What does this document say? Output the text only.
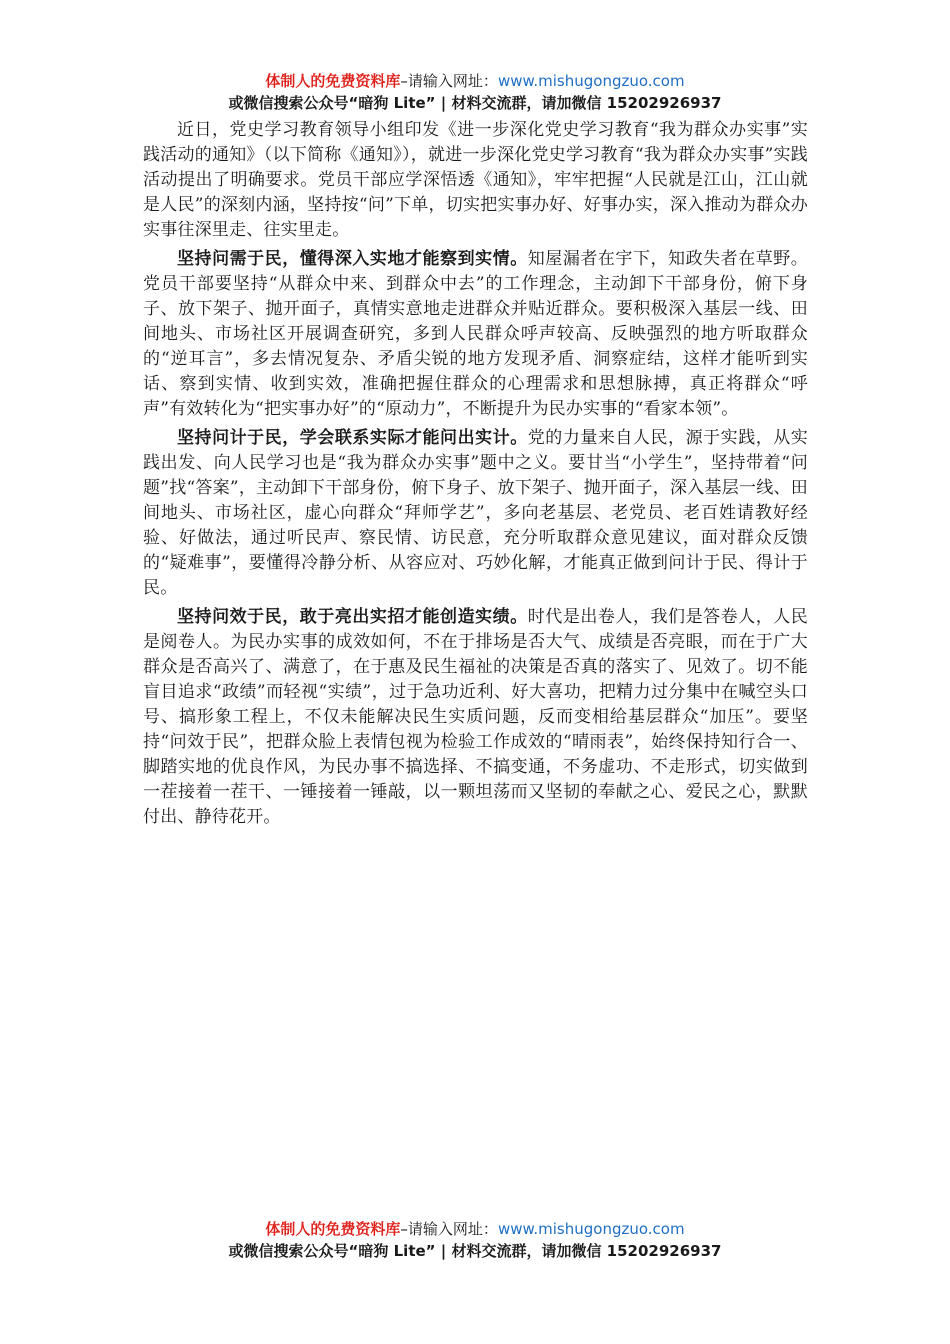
体制人的免费资料库–请输入网址：www.mishugongzuo.com
或微信搜索公众号“暗狗 Lite” | 材料交流群，请加微信 15202926937

近日，党史学习教育领导小组印发《进一步深化党史学习教育“我为群众办实事”实践活动的通知》（以下简称《通知》），就进一步深化党史学习教育“我为群众办实事”实践活动提出了明确要求。党员干部应学深悟透《通知》，牢牢把握“人民就是江山，江山就是人民”的深刻内涵，坚持按“问”下单，切实把实事办好、好事办实，深入推动为群众办实事往深里走、往实里走。

坚持问需于民，懂得深入实地才能察到实情。知屋漏者在宇下，知政失者在草野。党员干部要坚持“从群众中来、到群众中去”的工作理念，主动卸下干部身份，俯下身子、放下架子、抛开面子，真情实意地走进群众并贴近群众。要积极深入基层一线、田间地头、市场社区开展调查研究，多到人民群众呼声较高、反映强烈的地方听取群众的“逆耳言”，多去情况复杂、矛盾尖锐的地方发现矛盾、洞察症结，这样才能听到实话、察到实情、收到实效，准确把握住群众的心理需求和思想脉搏，真正将群众“呼声”有效转化为“把实事办好”的“原动力”，不断提升为民办实事的“看家本领”。

坚持问计于民，学会联系实际才能问出实计。党的力量来自人民，源于实践，从实践出发、向人民学习也是“我为群众办实事”题中之义。要甘当“小学生”，坚持带着“问题”找“答案”，主动卸下干部身份，俯下身子、放下架子、抛开面子，深入基层一线、田间地头、市场社区，虚心向群众“拜师学艺”，多向老基层、老党员、老百姓请教好经验、好做法，通过听民声、察民情、访民意，充分听取群众意见建议，面对群众反馈的“疑难事”，要懂得冷静分析、从容应对、巧妙化解，才能真正做到问计于民、得计于民。

坚持问效于民，敢于亮出实招才能创造实绩。时代是出卷人，我们是答卷人，人民是阅卷人。为民办实事的成效如何，不在于排场是否大气、成绩是否亮眼，而在于广大群众是否高兴了、满意了，在于惠及民生福祉的决策是否真的落实了、见效了。切不能盲目追求“政绩”而轻视“实绩”，过于急功近利、好大喜功，把精力过分集中在喊空头口号、搞形象工程上，不仅未能解决民生实质问题，反而变相给基层群众“加压”。要坚持“问效于民”，把群众脸上表情包视为检验工作成效的“晴雨表”，始终保持知行合一、脚踏实地的优良作风，为民办事不搞选择、不搞变通，不务虚功、不走形式，切实做到一茬接着一茬干、一锤接着一锤敲，以一颗坦荡而又坚韧的奉献之心、爱民之心，默默付出、静待花开。

体制人的免费资料库–请输入网址：www.mishugongzuo.com
或微信搜索公众号“暗狗 Lite” | 材料交流群，请加微信 15202926937
